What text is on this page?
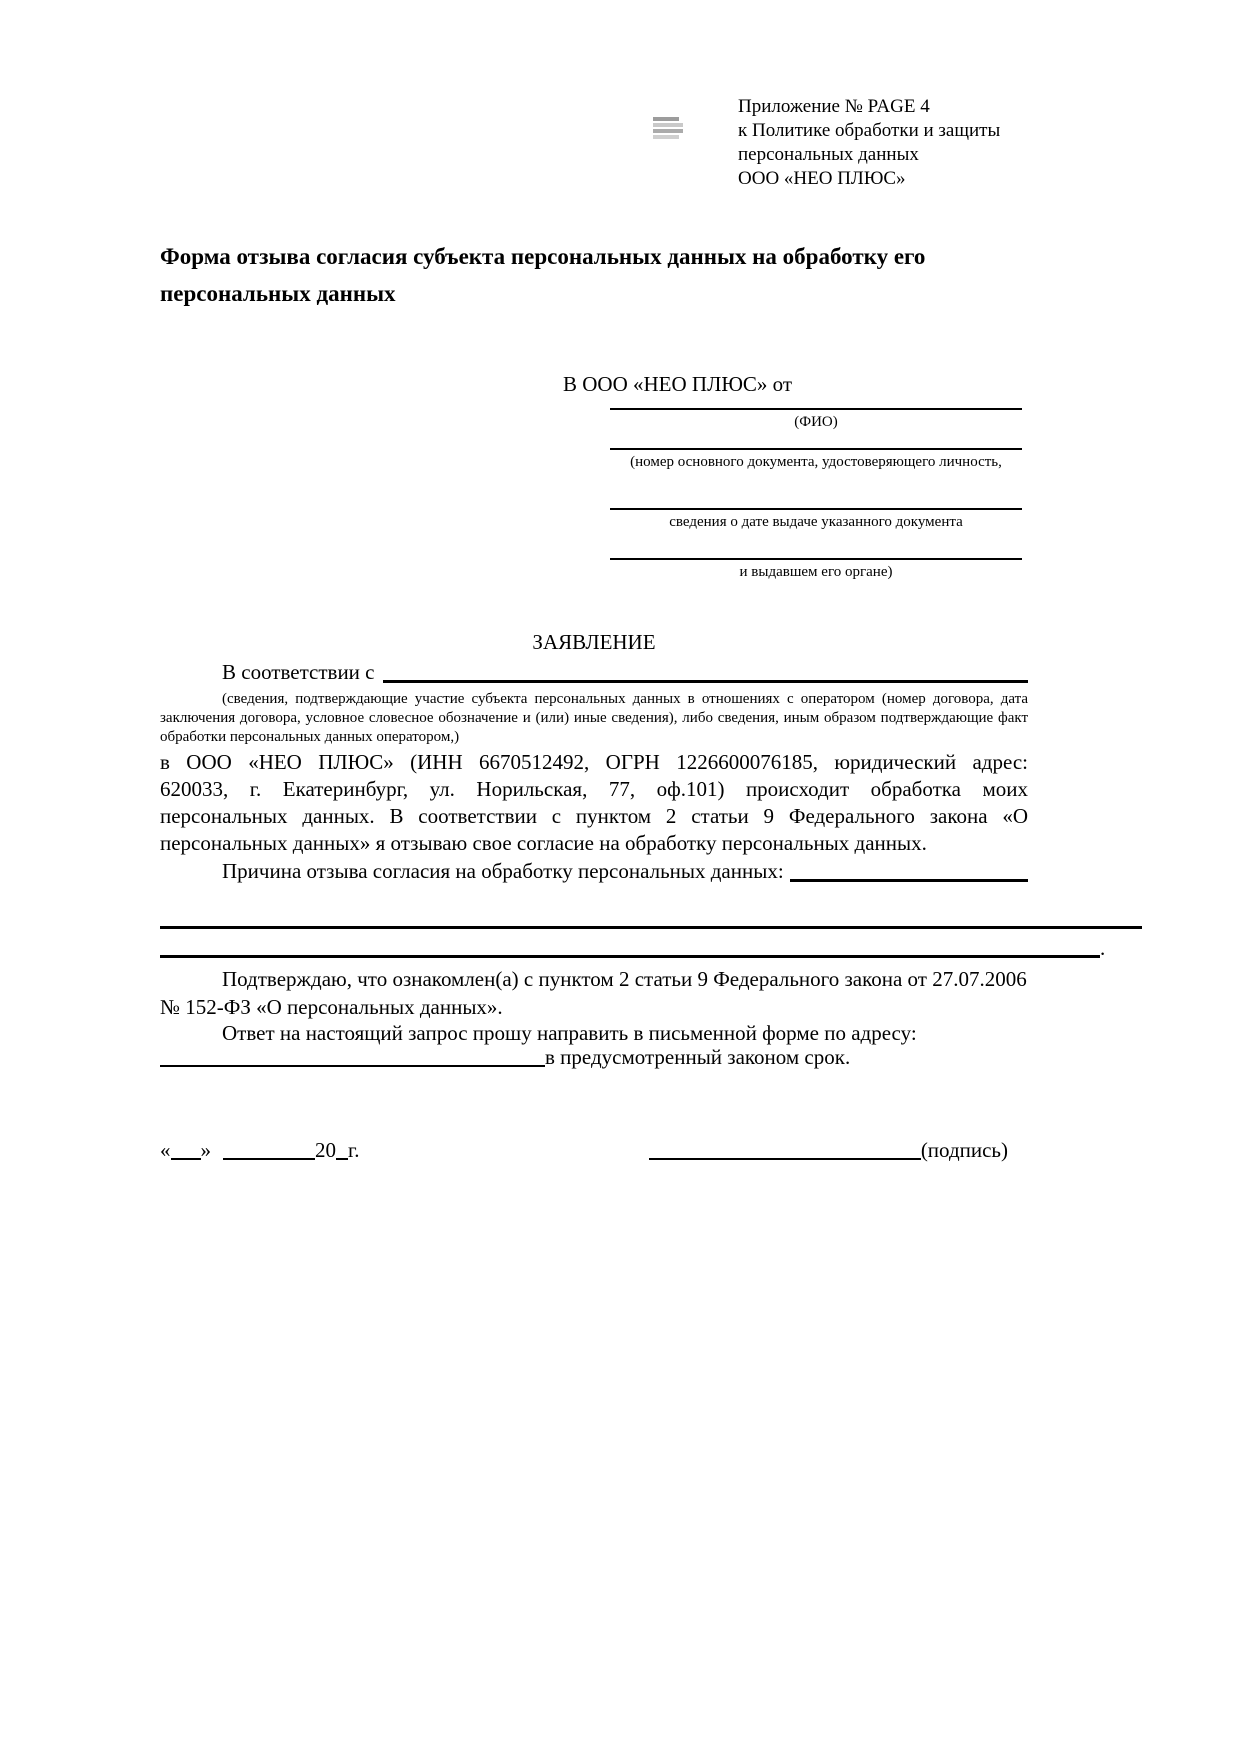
Приложение № PAGE 4
к Политике обработки и защиты
персональных данных
ООО «НЕО ПЛЮС»
Форма отзыва согласия субъекта персональных данных на обработку его персональных данных
В ООО «НЕО ПЛЮС» от
(ФИО)
(номер основного документа, удостоверяющего личность,
сведения о дате выдаче указанного документа
и выдавшем его органе)
ЗАЯВЛЕНИЕ
В соответствии с
(сведения, подтверждающие участие субъекта персональных данных в отношениях с оператором (номер договора, дата
заключения договора, условное словесное обозначение и (или) иные сведения), либо сведения, иным образом подтверждающие факт
обработки персональных данных оператором,)
в ООО «НЕО ПЛЮС» (ИНН 6670512492, ОГРН 1226600076185, юридический адрес:
620033, г. Екатеринбург, ул. Норильская, 77, оф.101) происходит обработка моих
персональных данных. В соответствии с пунктом 2 статьи 9 Федерального закона «О
персональных данных» я отзываю свое согласие на обработку персональных данных.
Причина отзыва согласия на обработку персональных данных:
.
Подтверждаю, что ознакомлен(а) с пунктом 2 статьи 9 Федерального закона от 27.07.2006 № 152-ФЗ «О персональных данных».
Ответ на настоящий запрос прошу направить в письменной форме по адресу:
в предусмотренный законом срок.
« »	20 г.	(подпись)
